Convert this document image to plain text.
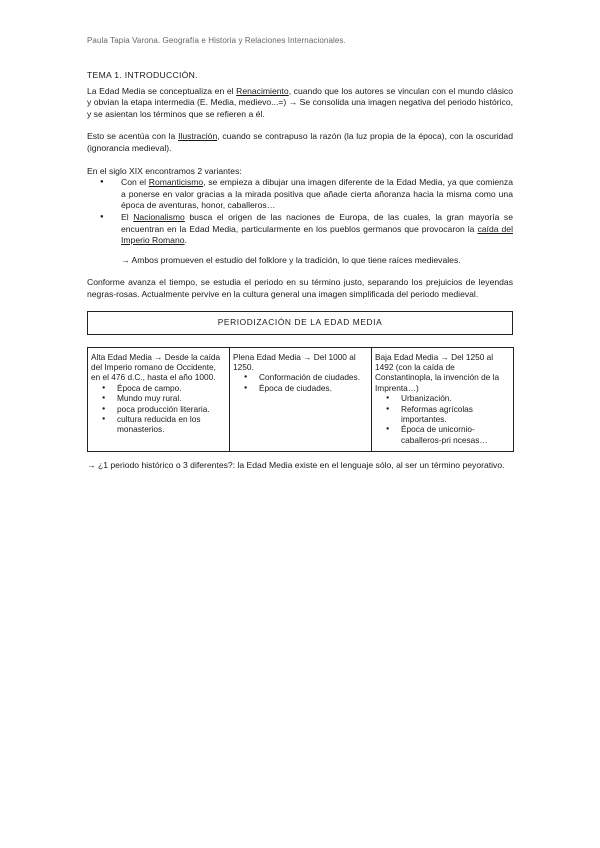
Paula Tapia Varona. Geografía e Historia y Relaciones Internacionales.
TEMA 1. INTRODUCCIÓN.

La Edad Media se conceptualiza en el Renacimiento, cuando que los autores se vinculan con el mundo clásico y obvian la etapa intermedia (E. Media, medievo...=) → Se consolida una imagen negativa del periodo histórico, y se asientan los términos que se refieren a él.

Esto se acentúa con la Ilustración, cuando se contrapuso la razón (la luz propia de la época), con la oscuridad (ignorancia medieval).

En el siglo XIX encontramos 2 variantes:

● Con el Romanticismo, se empieza a dibujar una imagen diferente de la Edad Media, ya que comienza a ponerse en valor gracias a la mirada positiva que añade cierta añoranza hacia la misma como una época de aventuras, honor, caballeros…
● El Nacionalismo busca el origen de las naciones de Europa, de las cuales, la gran mayoría se encuentran en la Edad Media, particularmente en los pueblos germanos que provocaron la caída del Imperio Romano.

→ Ambos promueven el estudio del folklore y la tradición, lo que tiene raíces medievales.

Conforme avanza el tiempo, se estudia el periodo en su término justo, separando los prejuicios de leyendas negras-rosas. Actualmente pervive en la cultura general una imagen simplificada del periodo medieval.

PERIODIZACIÓN DE LA EDAD MEDIA
Alta Edad Media → Desde la caída del Imperio romano de Occidente, en el 476 d.C., hasta el año 1000.
● Época de campo.
● Mundo muy rural.
● poca producción literaria.
● cultura reducida en los monasterios.

Plena Edad Media → Del 1000 al 1250.
● Conformación de ciudades.
● Época de ciudades.

Baja Edad Media → Del 1250 al 1492 (con la caída de Constantinopla, la invención de la Imprenta…)
● Urbanización.
● Reformas agrícolas importantes.
● Época de unicornio-caballeros-pri ncesas…

→ ¿1 periodo histórico o 3 diferentes?: la Edad Media existe en el lenguaje sólo, al ser un término peyorativo.
